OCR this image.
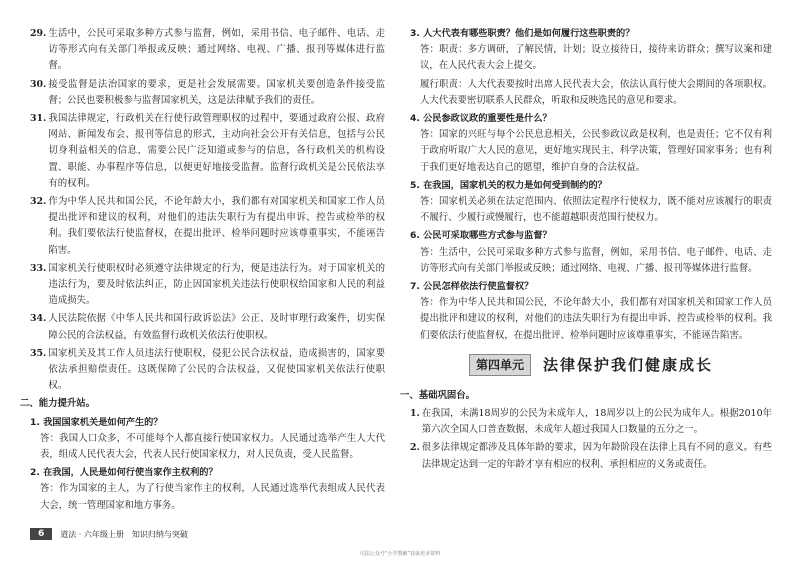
29. 生活中，公民可采取多种方式参与监督，例如，采用书信、电子邮件、电话、走访等形式向有关部门举报或反映；通过网络、电视、广播、报刊等媒体进行监督。
30. 接受监督是法治国家的要求，更是社会发展需要。国家机关要创造条件接受监督；公民也要积极参与监督国家机关，这是法律赋予我们的责任。
31. 我国法律规定，行政机关在行使行政管理职权的过程中，要通过政府公报、政府网站、新闻发布会、报刊等信息的形式，主动向社会公开有关信息，包括与公民切身利益相关的信息，需要公民广泛知道或参与的信息，各行政机关的机构设置、职能、办事程序等信息，以便更好地接受监督。监督行政机关是公民依法享有的权利。
32. 作为中华人民共和国公民，不论年龄大小，我们都有对国家机关和国家工作人员提出批评和建议的权利，对他们的违法失职行为有提出申诉、控告或检举的权利。我们要依法行使监督权，在提出批评、检举问题时应该尊重事实，不能诬告陷害。
33. 国家机关行使职权时必须遵守法律规定的行为，便是违法行为。对于国家机关的违法行为，要及时依法纠正，防止因国家机关违法行使职权给国家和人民的利益造成损失。
34. 人民法院依据《中华人民共和国行政诉讼法》公正、及时审理行政案件，切实保障公民的合法权益，有效监督行政机关依法行使职权。
35. 国家机关及其工作人员违法行使职权，侵犯公民合法权益，造成损害的，国家要依法承担赔偿责任。这既保障了公民的合法权益，又促使国家机关依法行使职权。
二、能力提升站。
1. 我国国家机关是如何产生的？
答：我国人口众多，不可能每个人都直接行使国家权力。人民通过选举产生人大代表，组成人民代表大会，代表人民行使国家权力，对人民负责，受人民监督。
2. 在我国，人民是如何行使当家作主权利的？
答：作为国家的主人，为了行使当家作主的权利，人民通过选举代表组成人民代表大会，统一管理国家和地方事务。
3. 人大代表有哪些职责？他们是如何履行这些职责的？
答：职责：多方调研，了解民情，计划；设立接待日，接待来访群众；撰写议案和建议，在人民代表大会上提交。
履行职责：人大代表要按时出席人民代表大会，依法认真行使大会期间的各项职权。人大代表要密切联系人民群众，听取和反映选民的意见和要求。
4. 公民参政议政的重要性是什么？
答：国家的兴旺与每个公民息息相关，公民参政议政是权利，也是责任；它不仅有利于政府听取广大人民的意见，更好地实现民主、科学决策，管理好国家事务；也有利于我们更好地表达自己的愿望，维护自身的合法权益。
5. 在我国，国家机关的权力是如何受到制约的？
答：国家机关必须在法定范围内、依照法定程序行使权力，既不能对应该履行的职责不履行、少履行或慢履行，也不能超越职责范围行使权力。
6. 公民可采取哪些方式参与监督？
答：生活中，公民可采取多种方式参与监督，例如，采用书信、电子邮件、电话、走访等形式向有关部门举报或反映；通过网络、电视、广播、报刊等媒体进行监督。
7. 公民怎样依法行使监督权？
答：作为中华人民共和国公民，不论年龄大小，我们都有对国家机关和国家工作人员提出批评和建议的权利，对他们的违法失职行为有提出申诉、控告或检举的权利。我们要依法行使监督权，在提出批评、检举问题时应该尊重事实，不能诬告陷害。
第四单元	法律保护我们健康成长
一、基础巩固台。
1. 在我国，未满18周岁的公民为未成年人，18周岁以上的公民为成年人。根据2010年第六次全国人口普查数据，未成年人超过我国人口数量的五分之一。
2. 很多法律规定都涉及具体年龄的要求，因为年龄阶段在法律上具有不同的意义。有些法律规定达到一定的年龄才享有相应的权利、承担相应的义务或责任。
6	道法 · 六年级上册　知识归纳与突破
司法公众号“小学教辅”获取更多资料
